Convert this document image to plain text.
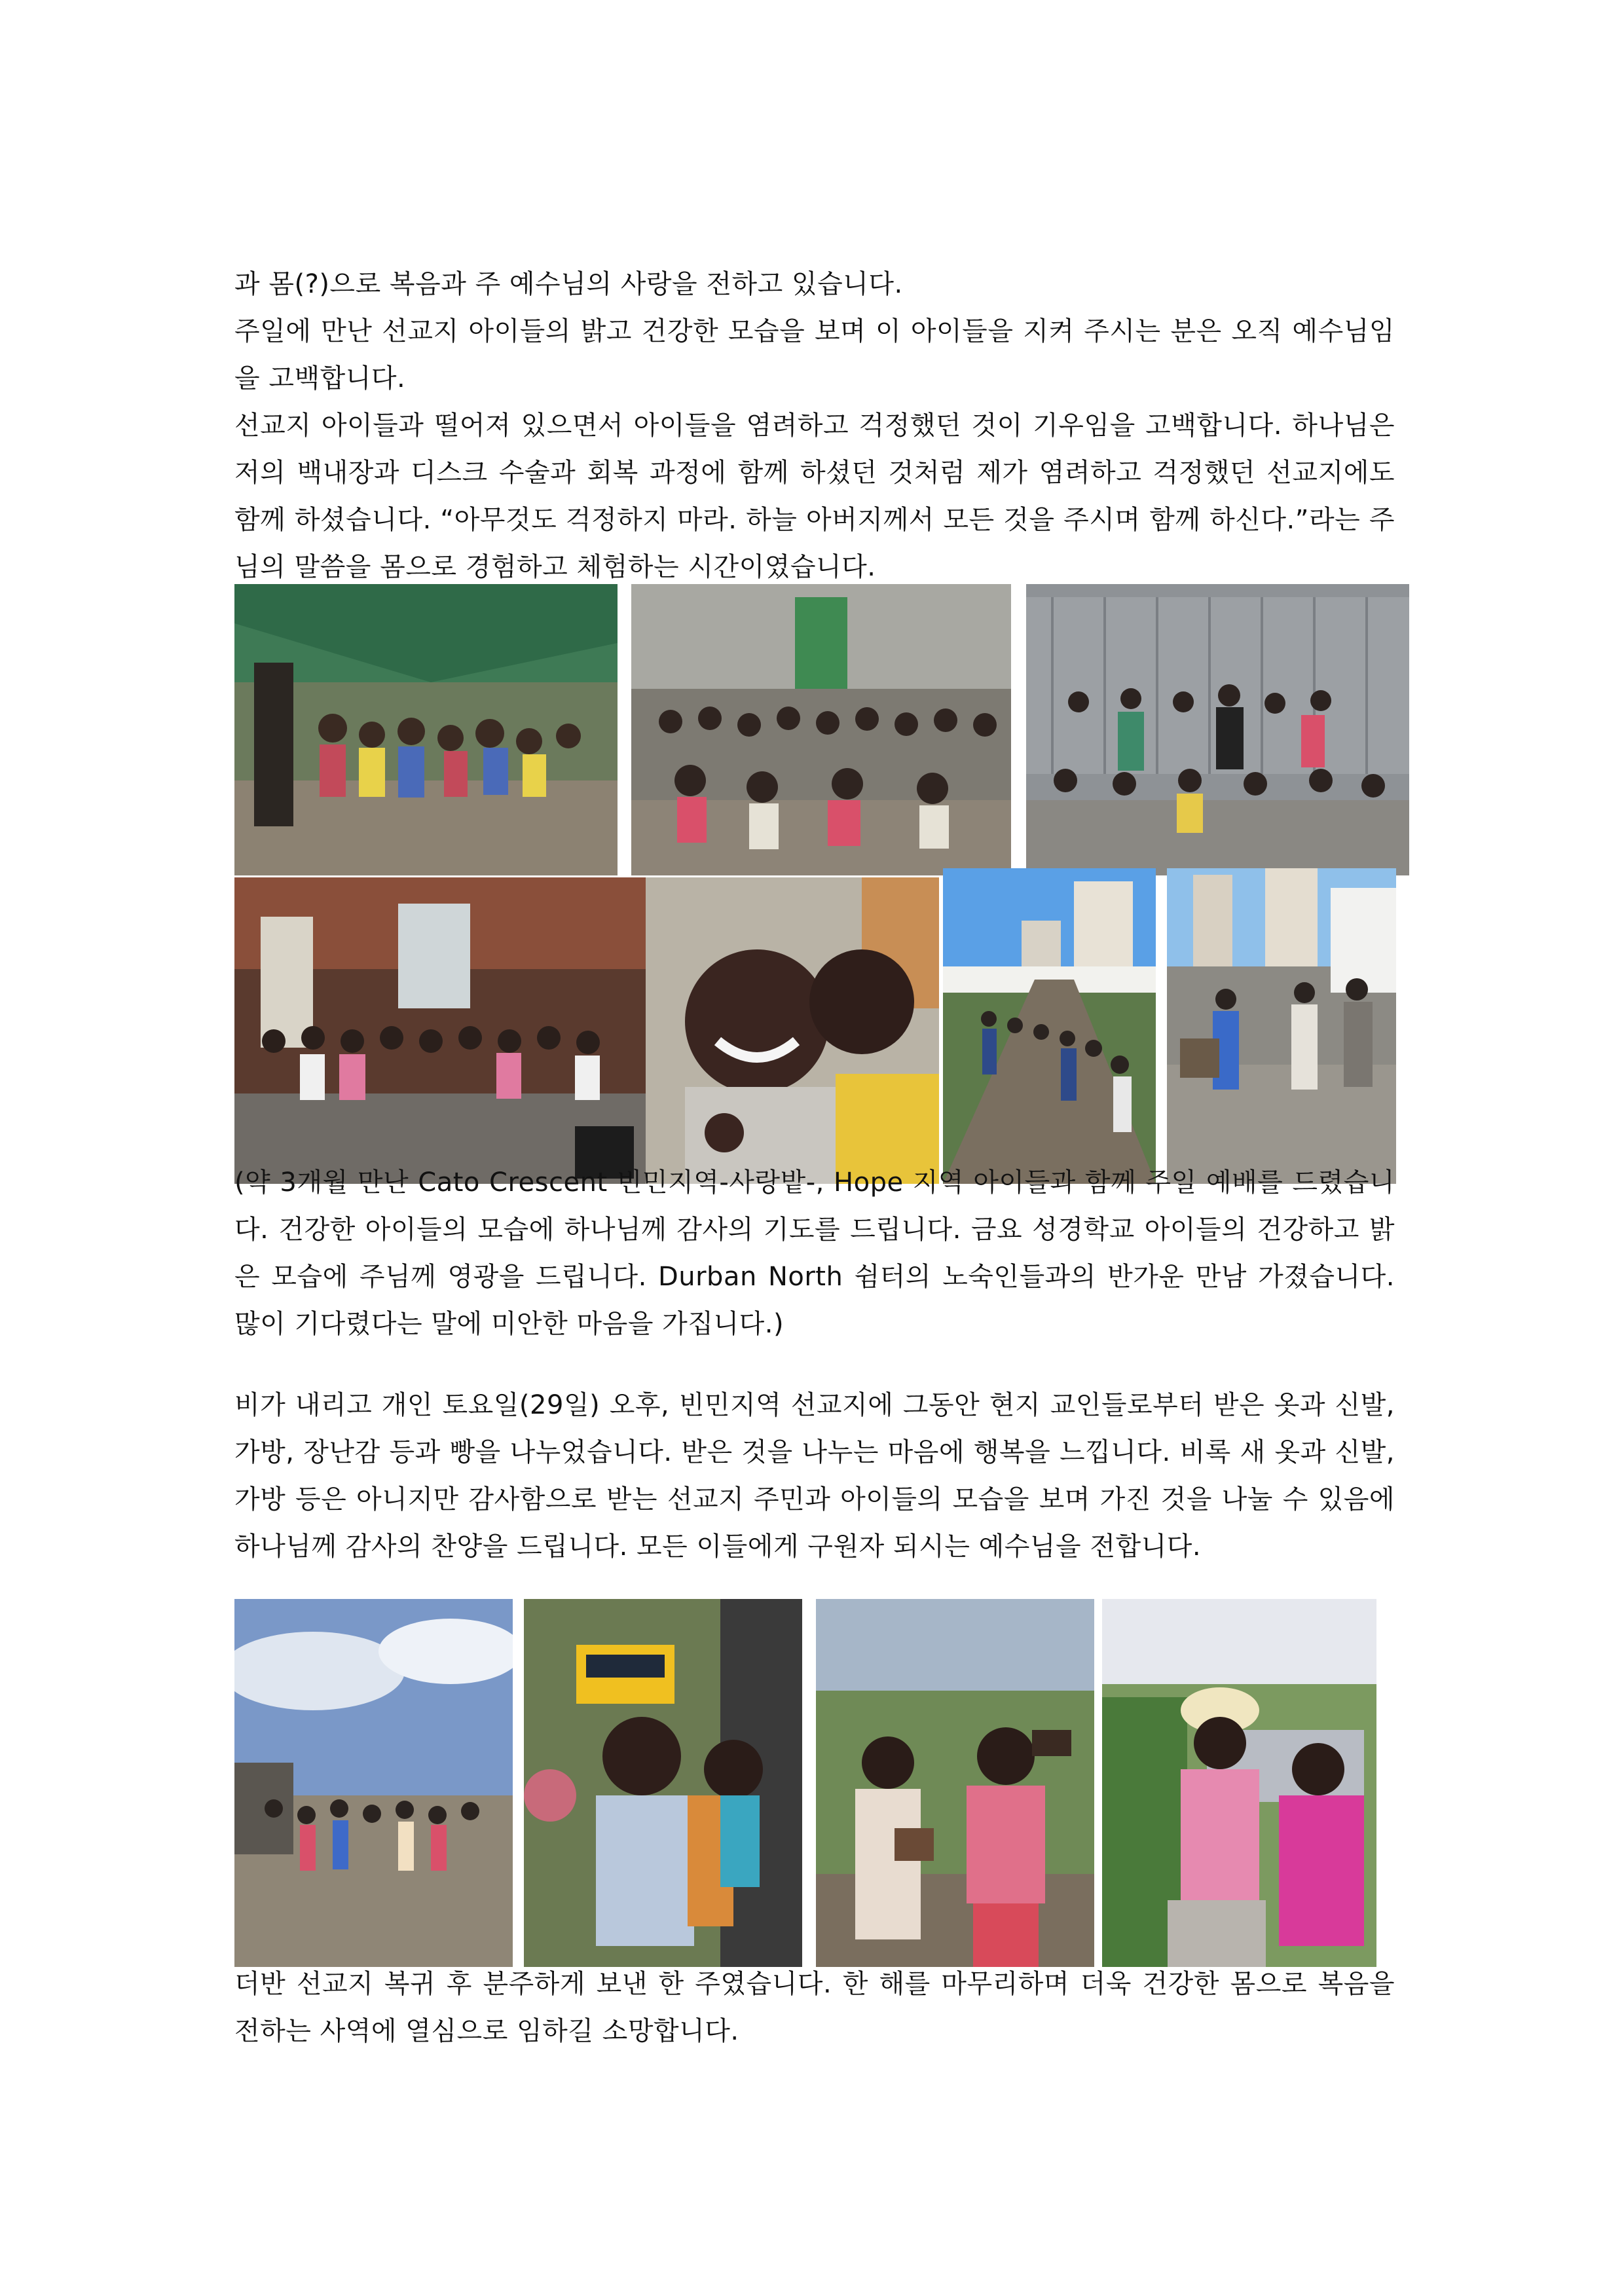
과 몸(?)으로 복음과 주 예수님의 사랑을 전하고 있습니다.

주일에 만난 선교지 아이들의 밝고 건강한 모습을 보며 이 아이들을 지켜 주시는 분은 오직 예수님임을 고백합니다.

선교지 아이들과 떨어져 있으면서 아이들을 염려하고 걱정했던 것이 기우임을 고백합니다. 하나님은 저의 백내장과 디스크 수술과 회복 과정에 함께 하셨던 것처럼 제가 염려하고 걱정했던 선교지에도 함께 하셨습니다. “아무것도 걱정하지 마라. 하늘 아버지께서 모든 것을 주시며 함께 하신다.”라는 주님의 말씀을 몸으로 경험하고 체험하는 시간이였습니다.

(약 3개월 만난 Cato Crescent 빈민지역-사랑밭-, Hope 지역 아이들과 함께 주일 예배를 드렸습니다. 건강한 아이들의 모습에 하나님께 감사의 기도를 드립니다. 금요 성경학교 아이들의 건강하고 밝은 모습에 주님께 영광을 드립니다. Durban North 쉼터의 노숙인들과의 반가운 만남 가졌습니다. 많이 기다렸다는 말에 미안한 마음을 가집니다.)

비가 내리고 개인 토요일(29일) 오후, 빈민지역 선교지에 그동안 현지 교인들로부터 받은 옷과 신발, 가방, 장난감 등과 빵을 나누었습니다. 받은 것을 나누는 마음에 행복을 느낍니다. 비록 새 옷과 신발, 가방 등은 아니지만 감사함으로 받는 선교지 주민과 아이들의 모습을 보며 가진 것을 나눌 수 있음에 하나님께 감사의 찬양을 드립니다. 모든 이들에게 구원자 되시는 예수님을 전합니다.

더반 선교지 복귀 후 분주하게 보낸 한 주였습니다. 한 해를 마무리하며 더욱 건강한 몸으로 복음을 전하는 사역에 열심으로 임하길 소망합니다.
